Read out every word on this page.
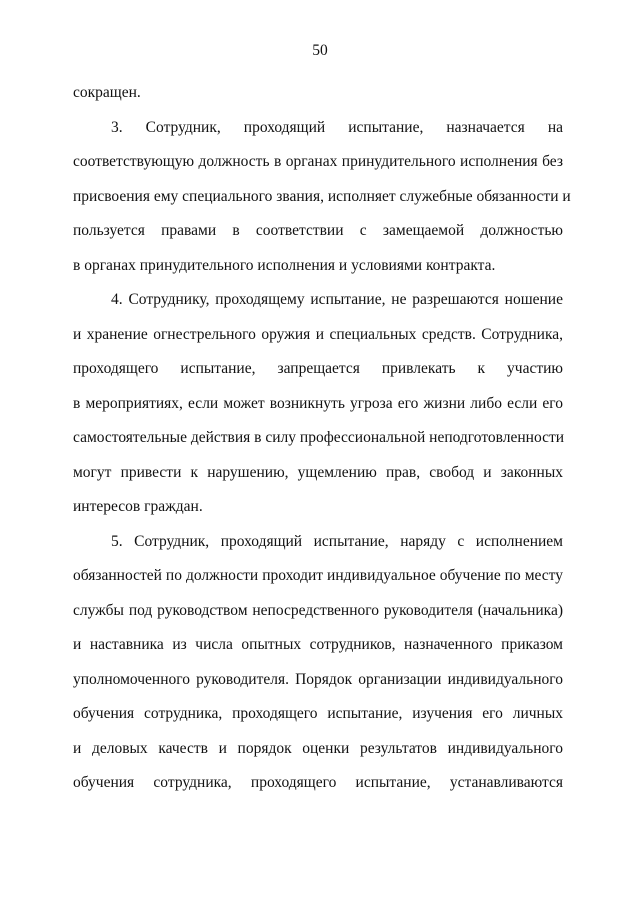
50
сокращен.
3. Сотрудник, проходящий испытание, назначается на
соответствующую должность в органах принудительного исполнения без
присвоения ему специального звания, исполняет служебные обязанности и
пользуется правами в соответствии с замещаемой должностью
в органах принудительного исполнения и условиями контракта.
4. Сотруднику, проходящему испытание, не разрешаются ношение
и хранение огнестрельного оружия и специальных средств. Сотрудника,
проходящего испытание, запрещается привлекать к участию
в мероприятиях, если может возникнуть угроза его жизни либо если его
самостоятельные действия в силу профессиональной неподготовленности
могут привести к нарушению, ущемлению прав, свобод и законных
интересов граждан.
5. Сотрудник, проходящий испытание, наряду с исполнением
обязанностей по должности проходит индивидуальное обучение по месту
службы под руководством непосредственного руководителя (начальника)
и наставника из числа опытных сотрудников, назначенного приказом
уполномоченного руководителя. Порядок организации индивидуального
обучения сотрудника, проходящего испытание, изучения его личных
и деловых качеств и порядок оценки результатов индивидуального
обучения сотрудника, проходящего испытание, устанавливаются
